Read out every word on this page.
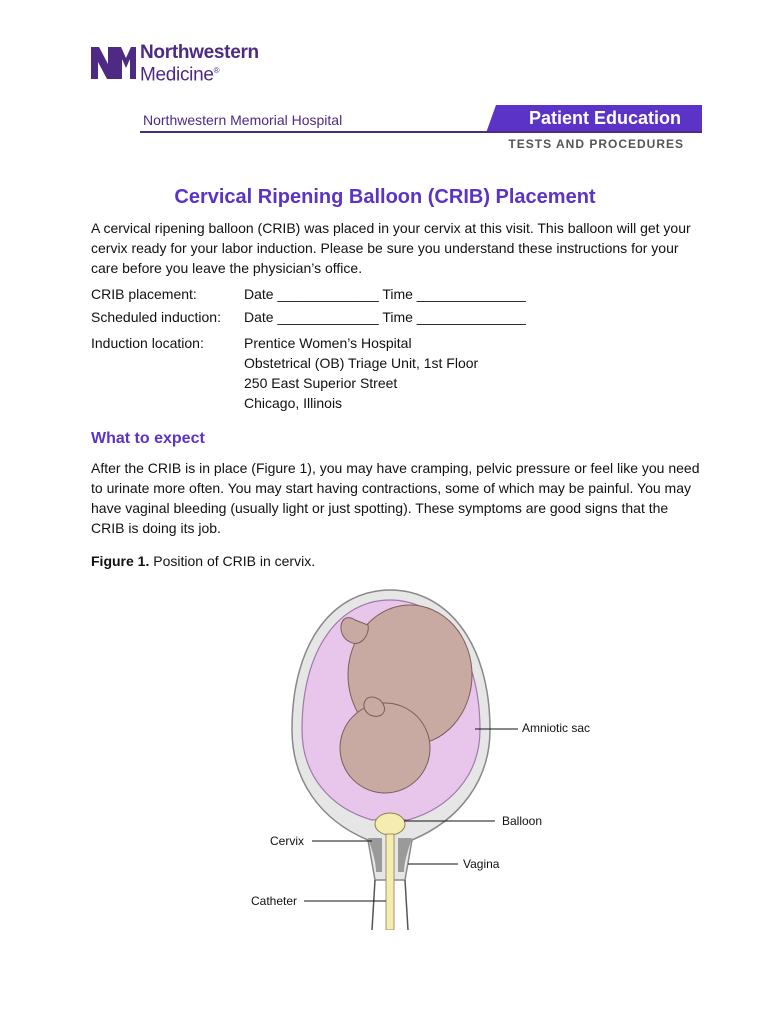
Northwestern
Medicine®
Northwestern Memorial Hospital	Patient Education
TESTS AND PROCEDURES
Cervical Ripening Balloon (CRIB) Placement
A cervical ripening balloon (CRIB) was placed in your cervix at this visit. This balloon will get your cervix ready for your labor induction. Please be sure you understand these instructions for your care before you leave the physician’s office.
CRIB placement:	Date _____________ Time ______________
Scheduled induction: Date _____________ Time ______________
Induction location:	Prentice Women’s Hospital
Obstetrical (OB) Triage Unit, 1st Floor
250 East Superior Street
Chicago, Illinois
What to expect
After the CRIB is in place (Figure 1), you may have cramping, pelvic pressure or feel like you need to urinate more often. You may start having contractions, some of which may be painful. You may have vaginal bleeding (usually light or just spotting). These symptoms are good signs that the CRIB is doing its job.
Figure 1. Position of CRIB in cervix.
Amniotic sac
Balloon
Cervix
Vagina
Catheter
